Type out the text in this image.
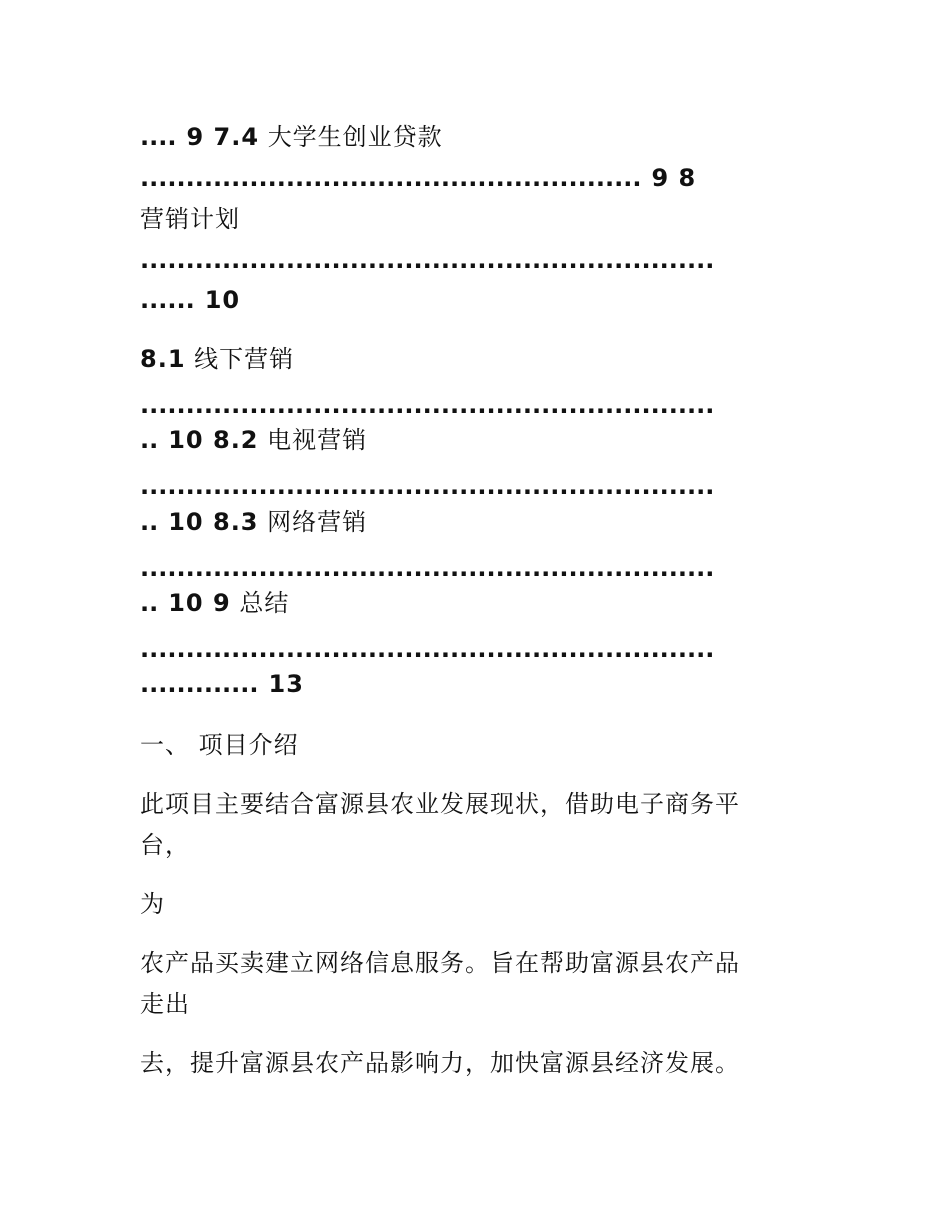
.... 9 7.4 大学生创业贷款
....................................................... 9 8
营销计划
...............................................................
...... 10
8.1 线下营销
...............................................................
.. 10 8.2 电视营销
...............................................................
.. 10 8.3 网络营销
...............................................................
.. 10 9 总结
...............................................................
............. 13
一、 项目介绍
此项目主要结合富源县农业发展现状，借助电子商务平
台，
为
农产品买卖建立网络信息服务。旨在帮助富源县农产品
走出
去，提升富源县农产品影响力，加快富源县经济发展。
